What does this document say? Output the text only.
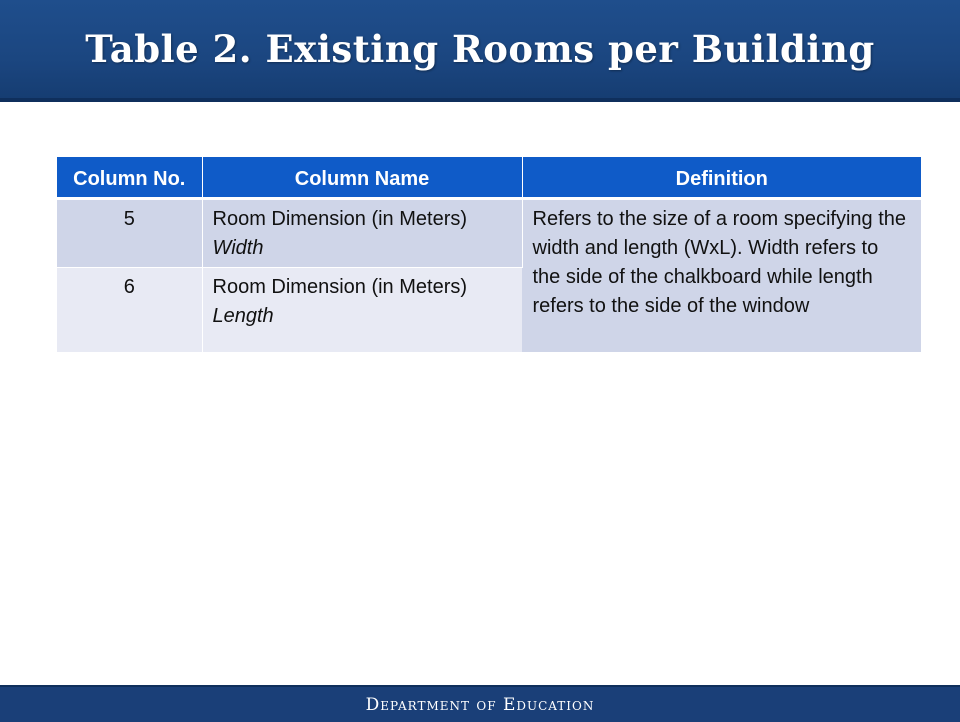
Table 2. Existing Rooms per Building
Column No.	Column Name	Definition
5	Room Dimension (in Meters) Width	Refers to the size of a room specifying the width and length (WxL). Width refers to the side of the chalkboard while length refers to the side of the window
6	Room Dimension (in Meters) Length	
Department of Education
